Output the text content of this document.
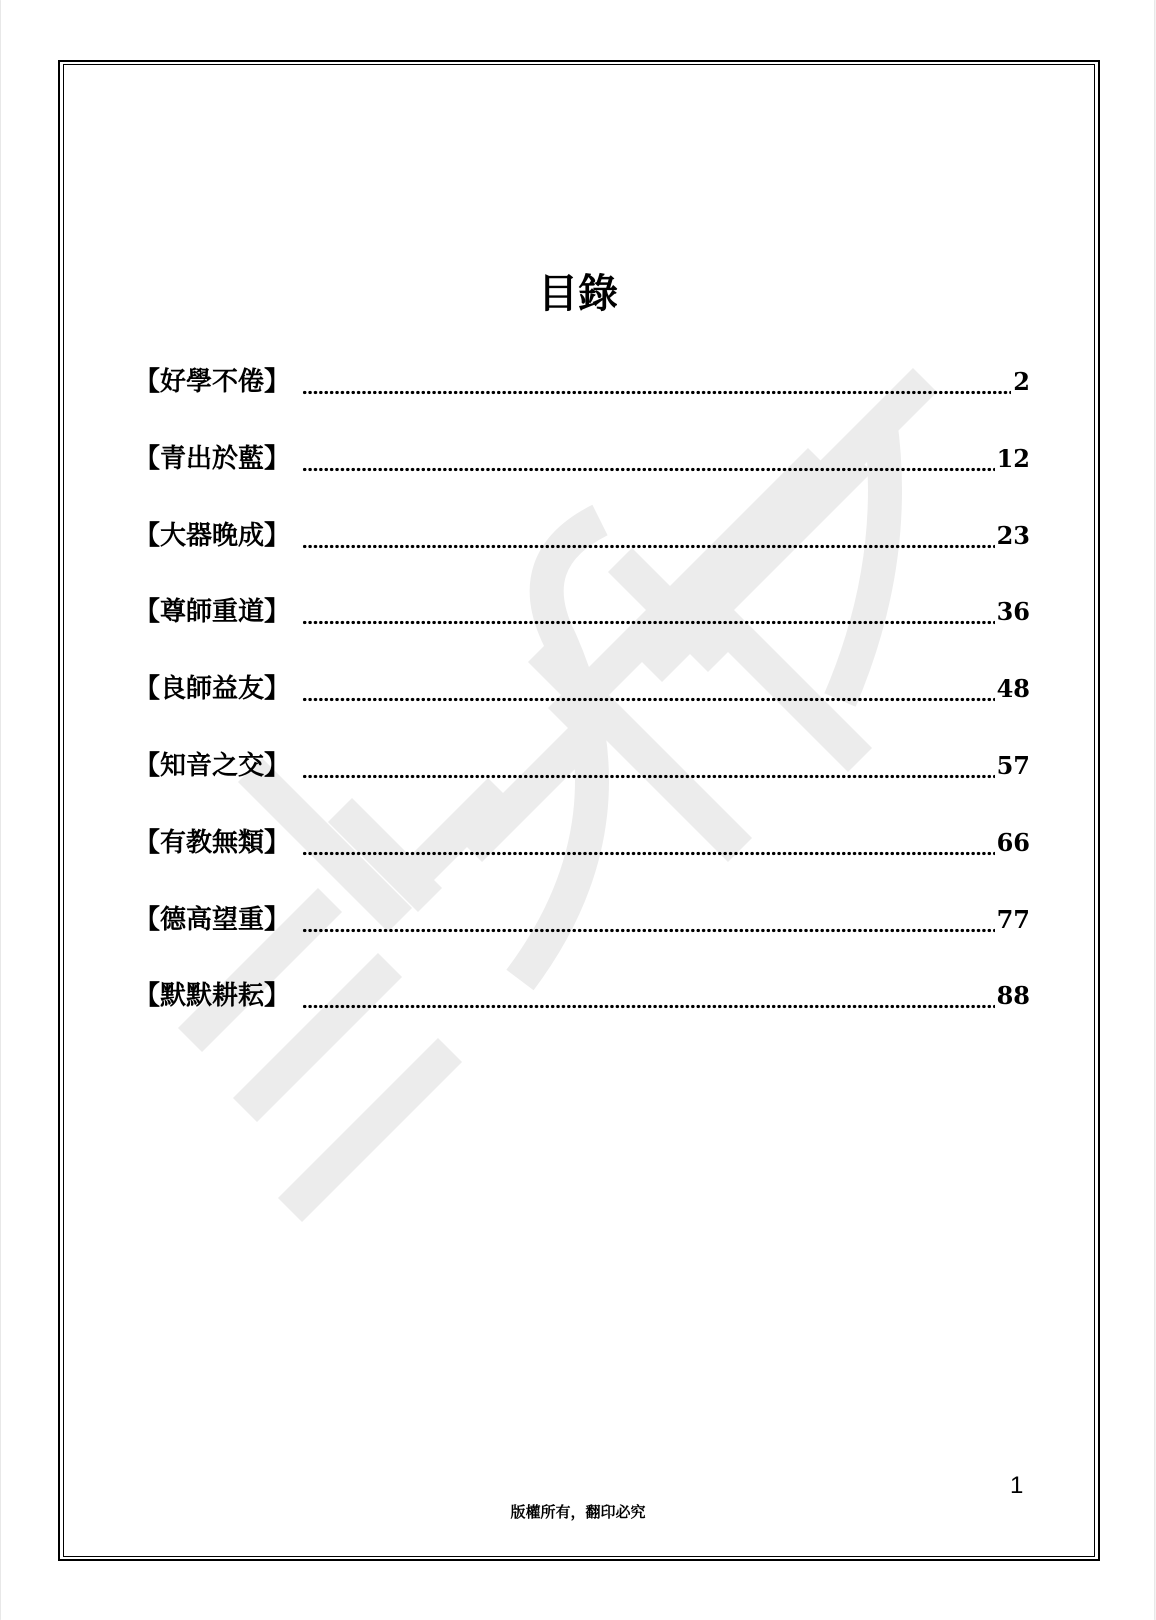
目錄
【好學不倦】	2
【青出於藍】	12
【大器晚成】	23
【尊師重道】	36
【良師益友】	48
【知音之交】	57
【有教無類】	66
【德高望重】	77
【默默耕耘】	88
1
版權所有，翻印必究
